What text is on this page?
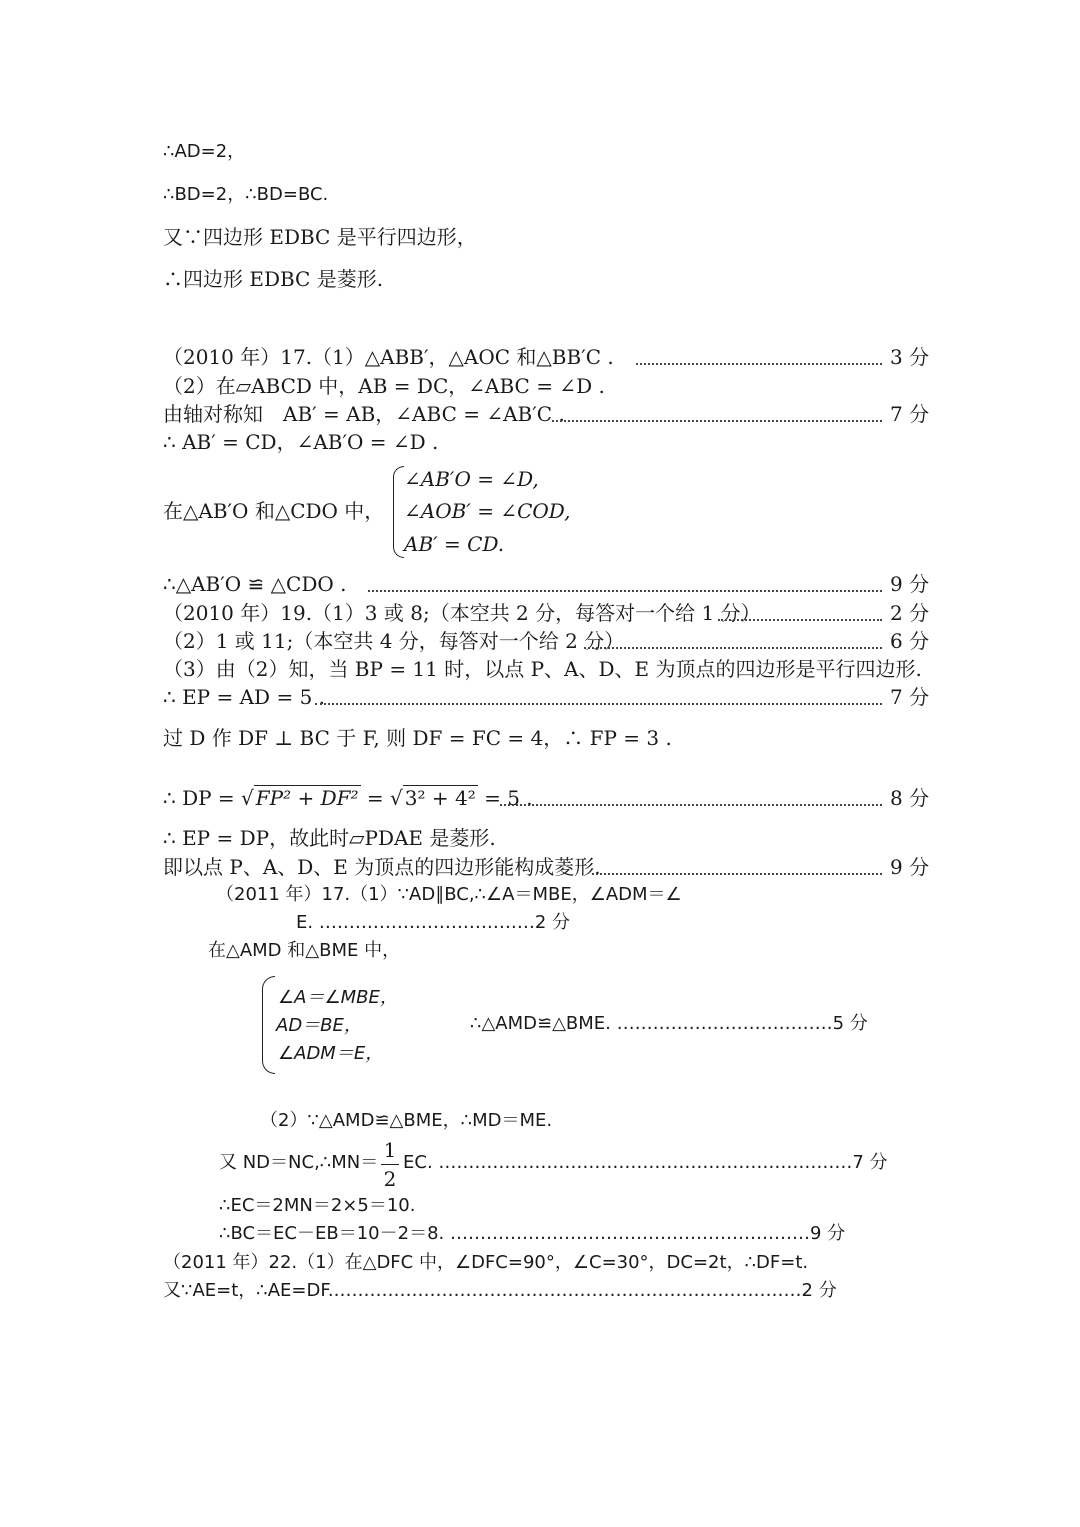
∴AD=2，
∴BD=2，∴BD=BC.
又∵四边形 EDBC 是平行四边形，
∴四边形 EDBC 是菱形.
（2010 年）17.（1）△ABB′，△AOC 和△BB′C .	3 分
（2）在▱ABCD 中，AB = DC，∠ABC = ∠D .
由轴对称知　AB′ = AB，∠ABC = ∠AB′C .	7 分
∴ AB′ = CD，∠AB′O = ∠D .
在△AB′O 和△CDO 中，
∠AB′O = ∠D,
∠AOB′ = ∠COD,
AB′ = CD.
∴△AB′O ≌ △CDO .	9 分
（2010 年）19.（1）3 或 8;（本空共 2 分，每答对一个给 1 分）	2 分
（2）1 或 11;（本空共 4 分，每答对一个给 2 分）	6 分
（3）由（2）知，当 BP = 11 时，以点 P、A、D、E 为顶点的四边形是平行四边形.
∴ EP = AD = 5 .	7 分
过 D 作 DF ⊥ BC 于 F, 则 DF = FC = 4，∴ FP = 3 .
∴ DP = √ FP² + DF² = √ 3² + 4² = 5 .	8 分
∴ EP = DP，故此时▱PDAE 是菱形.
即以点 P、A、D、E 为顶点的四边形能构成菱形.	9 分
（2011 年）17.（1）∵AD∥BC,∴∠A＝MBE，∠ADM＝∠
E. ………………………………2 分
在△AMD 和△BME 中，
∠A＝∠MBE，
AD＝BE，
∠ADM＝E，
∴△AMD≌△BME. ………………………………5 分
（2）∵△AMD≌△BME，∴MD＝ME.
又 ND＝NC,∴MN＝
1
2
EC. ……………………………………………………………7 分
∴EC＝2MN＝2×5＝10.
∴BC＝EC－EB＝10－2＝8. ……………………………………………………9 分
（2011 年）22.（1）在△DFC 中，∠DFC=90°，∠C=30°，DC=2t，∴DF=t.
又∵AE=t，∴AE=DF.……………………………………………………………………2 分
